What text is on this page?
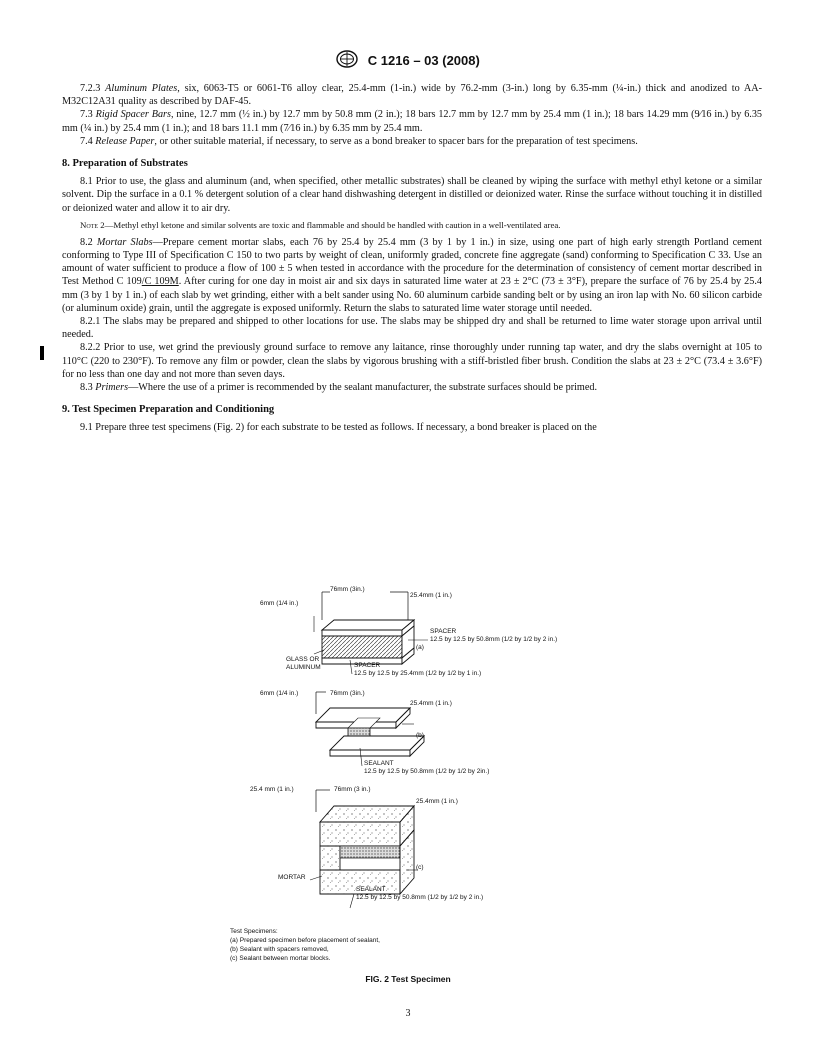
C 1216 – 03 (2008)

7.2.3 Aluminum Plates, six, 6063-T5 or 6061-T6 alloy clear, 25.4-mm (1-in.) wide by 76.2-mm (3-in.) long by 6.35-mm (¼-in.) thick and anodized to AA-M32C12A31 quality as described by DAF-45.

7.3 Rigid Spacer Bars, nine, 12.7 mm (½ in.) by 12.7 mm by 50.8 mm (2 in.); 18 bars 12.7 mm by 12.7 mm by 25.4 mm (1 in.); 18 bars 14.29 mm (9⁄16 in.) by 6.35 mm (¼ in.) by 25.4 mm (1 in.); and 18 bars 11.1 mm (7⁄16 in.) by 6.35 mm by 25.4 mm.

7.4 Release Paper, or other suitable material, if necessary, to serve as a bond breaker to spacer bars for the preparation of test specimens.

8. Preparation of Substrates

8.1 Prior to use, the glass and aluminum (and, when specified, other metallic substrates) shall be cleaned by wiping the surface with methyl ethyl ketone or a similar solvent. Dip the surface in a 0.1 % detergent solution of a clear hand dishwashing detergent in distilled or deionized water. Rinse the surface without touching it in distilled or deionized water and allow it to air dry.

Note 2—Methyl ethyl ketone and similar solvents are toxic and flammable and should be handled with caution in a well-ventilated area.

8.2 Mortar Slabs—Prepare cement mortar slabs, each 76 by 25.4 by 25.4 mm (3 by 1 by 1 in.) in size, using one part of high early strength Portland cement conforming to Type III of Specification C 150 to two parts by weight of clean, uniformly graded, concrete fine aggregate (sand) conforming to Specification C 33. Use an amount of water sufficient to produce a flow of 100 ± 5 when tested in accordance with the procedure for the determination of consistency of cement mortar described in Test Method C 109/C 109M. After curing for one day in moist air and six days in saturated lime water at 23 ± 2°C (73 ± 3°F), prepare the surface of 76 by 25.4 by 25.4 mm (3 by 1 by 1 in.) of each slab by wet grinding, either with a belt sander using No. 60 aluminum carbide sanding belt or by using an iron lap with No. 60 silicon carbide (or aluminum oxide) grain, until the aggregate is exposed uniformly. Return the slabs to saturated lime water storage until needed.

8.2.1 The slabs may be prepared and shipped to other locations for use. The slabs may be shipped dry and shall be returned to lime water storage upon arrival until needed.

8.2.2 Prior to use, wet grind the previously ground surface to remove any laitance, rinse thoroughly under running tap water, and dry the slabs overnight at 105 to 110°C (220 to 230°F). To remove any film or powder, clean the slabs by vigorous brushing with a stiff-bristled fiber brush. Condition the slabs at 23 ± 2°C (73.4 ± 3.6°F) for no less than one day and not more than seven days.

8.3 Primers—Where the use of a primer is recommended by the sealant manufacturer, the substrate surfaces should be primed.

9. Test Specimen Preparation and Conditioning

9.1 Prepare three test specimens (Fig. 2) for each substrate to be tested as follows. If necessary, a bond breaker is placed on the

76mm (3in.)
25.4mm (1 in.)
6mm (1/4 in.)
SPACER
12.5 by 12.5 by 50.8mm (1/2 by 1/2 by 2 in.)
(a)
GLASS OR
ALUMINUM	SPACER
12.5 by 12.5 by 25.4mm (1/2 by 1/2 by 1 in.)
76mm (3in.)
25.4mm (1 in.)
6mm (1/4 in.)
(b)
SEALANT
12.5 by 12.5 by 50.8mm (1/2 by 1/2 by 2in.)
76mm (3 in.)
25.4mm (1 in.)
25.4 mm (1 in.)
(c)
MORTAR
SEALANT
12.5 by 12.5 by 50.8mm (1/2 by 1/2 by 2 in.)
Test Specimens:
(a) Prepared specimen before placement of sealant,
(b) Sealant with spacers removed,
(c) Sealant between mortar blocks.
FIG. 2 Test Specimen
3
